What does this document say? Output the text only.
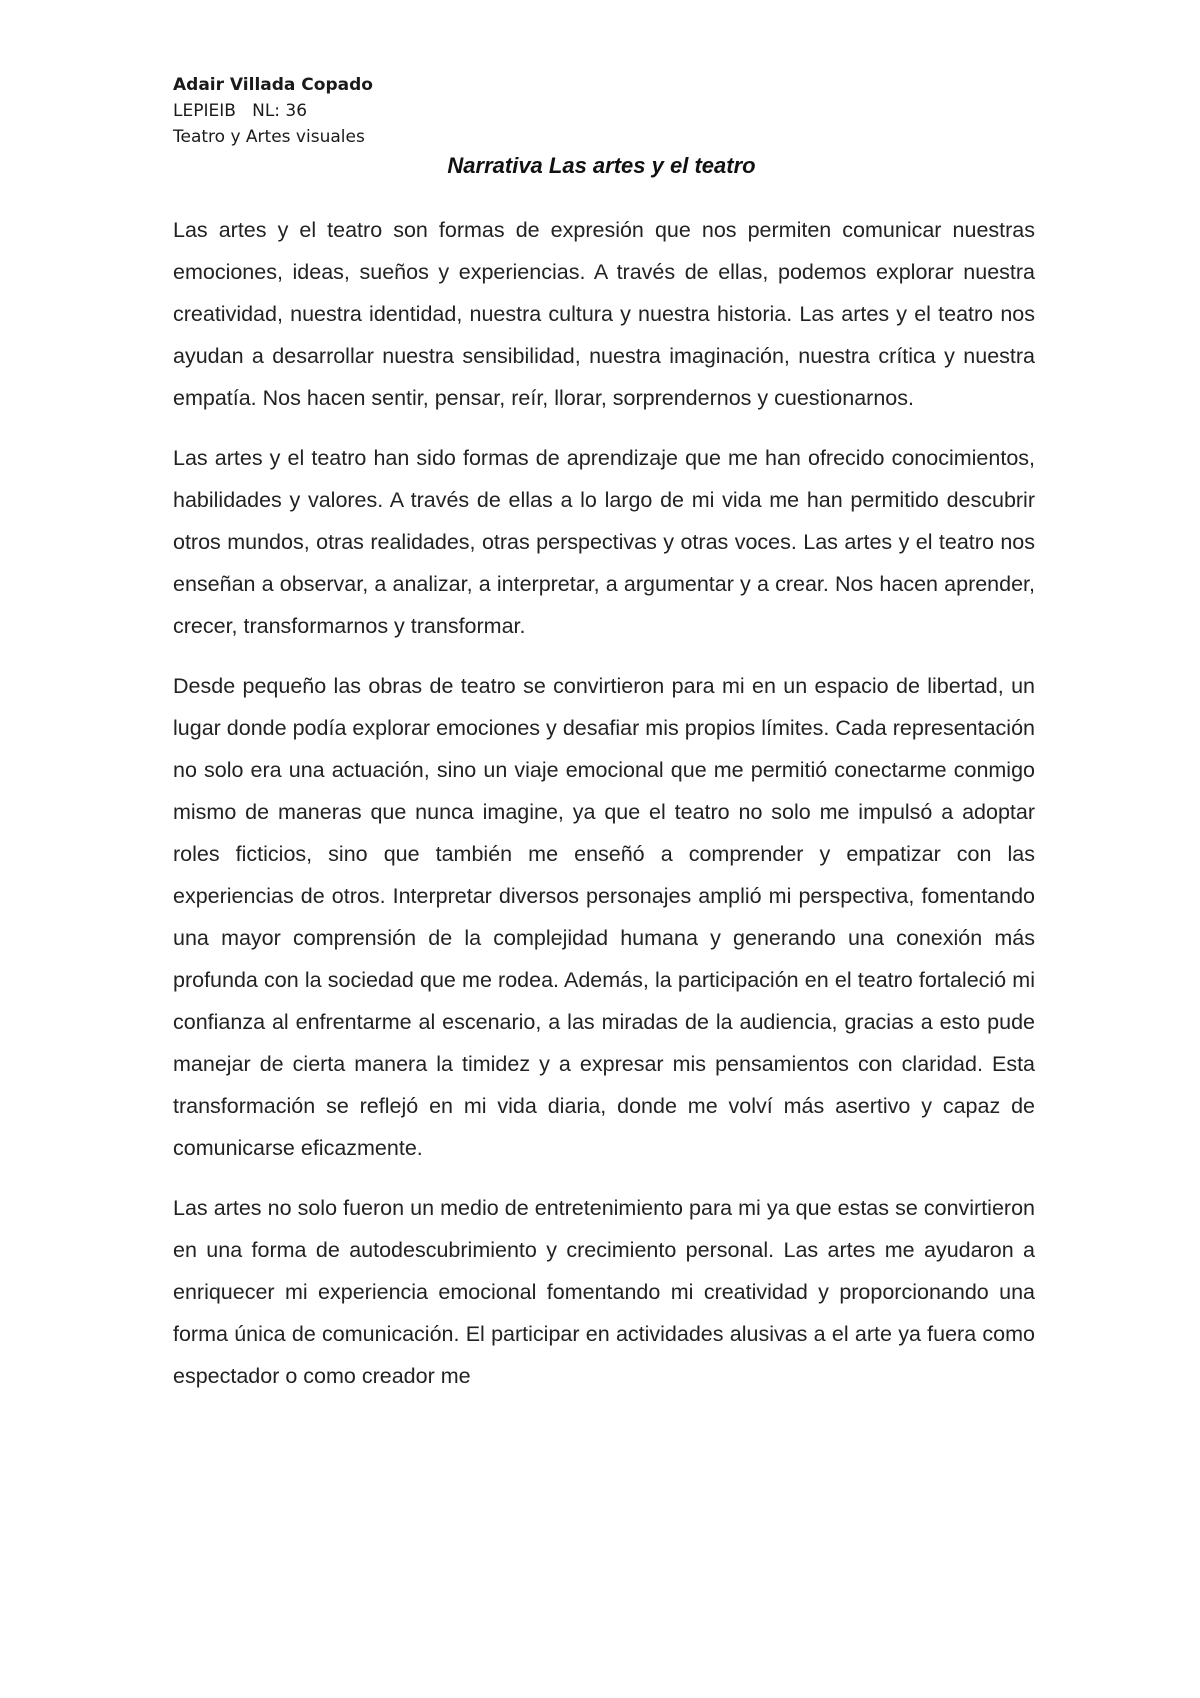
Adair Villada Copado
LEPIEIB   NL: 36
Teatro y Artes visuales
Narrativa Las artes y el teatro

Las artes y el teatro son formas de expresión que nos permiten comunicar nuestras emociones, ideas, sueños y experiencias. A través de ellas, podemos explorar nuestra creatividad, nuestra identidad, nuestra cultura y nuestra historia. Las artes y el teatro nos ayudan a desarrollar nuestra sensibilidad, nuestra imaginación, nuestra crítica y nuestra empatía. Nos hacen sentir, pensar, reír, llorar, sorprendernos y cuestionarnos.

Las artes y el teatro han sido formas de aprendizaje que me han ofrecido conocimientos, habilidades y valores. A través de ellas a lo largo de mi vida me han permitido descubrir otros mundos, otras realidades, otras perspectivas y otras voces. Las artes y el teatro nos enseñan a observar, a analizar, a interpretar, a argumentar y a crear. Nos hacen aprender, crecer, transformarnos y transformar.

Desde pequeño las obras de teatro se convirtieron para mi en un espacio de libertad, un lugar donde podía explorar emociones y desafiar mis propios límites. Cada representación no solo era una actuación, sino un viaje emocional que me permitió conectarme conmigo mismo de maneras que nunca imagine, ya que el teatro no solo me impulsó a adoptar roles ficticios, sino que también me enseñó a comprender y empatizar con las experiencias de otros. Interpretar diversos personajes amplió mi perspectiva, fomentando una mayor comprensión de la complejidad humana y generando una conexión más profunda con la sociedad que me rodea. Además, la participación en el teatro fortaleció mi confianza al enfrentarme al escenario, a las miradas de la audiencia, gracias a esto pude manejar de cierta manera la timidez y a expresar mis pensamientos con claridad. Esta transformación se reflejó en mi vida diaria, donde me volví más asertivo y capaz de comunicarse eficazmente.

Las artes no solo fueron un medio de entretenimiento para mi ya que estas se convirtieron en una forma de autodescubrimiento y crecimiento personal. Las artes me ayudaron a enriquecer mi experiencia emocional fomentando mi creatividad y proporcionando una forma única de comunicación. El participar en actividades alusivas a el arte ya fuera como espectador o como creador me
